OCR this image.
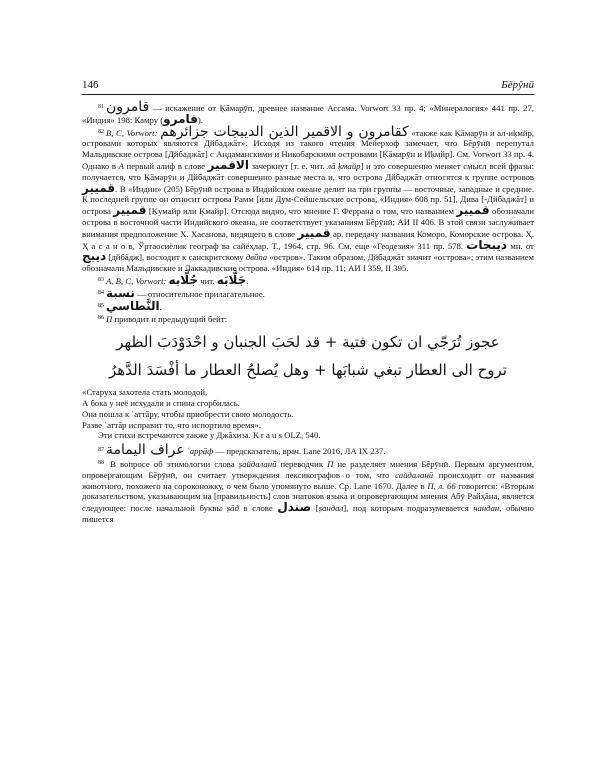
146	Бēрӯнӣ

$^{81}$ قامرون — искажение от Ķāмарӯп, древнее название Ассама. Vorwort 33 пр. 4; «Минералогия» 441 пр. 27, «Индия» 198: Камру (قامرو).

$^{82}$ B, C, Vorwort: كقامرون و الاقمير الذين الديبجات جزائرهم «также как Ķāмарӯн и ал-иķмйр, островами которых являются Дйбаджāт». Исходя из такого чтения Мейерхоф замечает, что Бēрӯнӣ перепутал Мальдивские острова [Дйбаджāт] с Андаманскими и Никобарскими островами [Ķāмарӯн и Иķмйр]. См. Vorwort 33 пр. 4. Однако в A первый алиф в слове الاقمير зачеркнут [т. е. чит. лā ķмайр] и это совершенно меняет смысл всей фразы: получается, что Ķāмарӯн и Дйбаджāт совершенно разные места и, что острова Дйбаджāт относятся к группе островов قميير. В «Индии» (205) Бēрӯнӣ острова в Индийском океане делит на три группы — восточные, западные и средние. К последней группе он относит острова Рамм [или Дум-Сейшельские острова, «Индия» 608 пр. 51], Дива [-Дйбаджāт] и острова قميير [Ķумайр или Ķмайр]. Отсюда видно, что мнение Г. Феррана о том, что названием قميير обозначали острова в восточной части Индийского океана, не соответствует указаниям Бēрӯнӣ; АИ II 406. В этой связи заслуживает внимания предположение Х. Хасанова, видящего в слове قميير ар. передачу названия Коморо, Коморские острова. Ҳ. Ҳ а с а н о в, Ўртаосиёлик географ ва сайёҳлар. Т., 1964, стр. 96. См. еще «Геодезия» 311 пр. 578. ديبجات мн. от ديبج [дйбāдж], восходит к санскритскому двӣпа «остров». Таким образом, Дйбаджāт значит «острова»; этим названием обозначали Мальдивские и Лаккадивские острова. «Индия» 614 пр. 11; АИ I 359, II 395.

$^{83}$ A, B, C, Vorwort: جُلَّابه чит. جَلَّابَه.

$^{84}$ نسبة — относительное прилагательное.

$^{85}$ النَّطاسي.

$^{86}$ П приводит и предыдущий бейт:

عجوز تُرَجّي ان تكون فتية + قد لحَبَ الجنبان و احْدَوْدَبَ الظهر
تروح الى العطار تبغي شبابَها + وهل يُصلحُ العطار ما أفْسَدَ الدَّهرُ
«Старуха захотела стать молодой,
А бока у неё исхудали и спина сгорбилась.
Она пошла к ʿаттāру, чтобы приобрести свою молодость.
Разве ʿаттāр исправит то, что испортило время».
Эти стихи встречаются также у Джāхиза. К r a u s OLZ, 540.

$^{87}$ عراف اليمامة ʿаррāф — предсказатель, врач. Lane 2016, ЛА IX 237.

$^{88}$ В вопросе об этимологии слова ṣайдаланӣ переводчик П не разделяет мнения Бēрӯнӣ. Первым аргументом, опровергающим Бēрӯнӣ, он считает утверждения лексикографов о том, что сайдаланӣ происходит от названия животного, похожего на сороконожку, о чем было упомянуто выше. Ср. Lane 1670. Далее в П, л. 66 говорится: «Вторым доказательством, указывающим на [правильность] слов знатоков языка и опровергающим мнения Абӯ Райҳāна, является следующее: после начальной буквы ṣāд в слове صندل [ṣандал], под которым подразумевается чандан, обычно пишется
